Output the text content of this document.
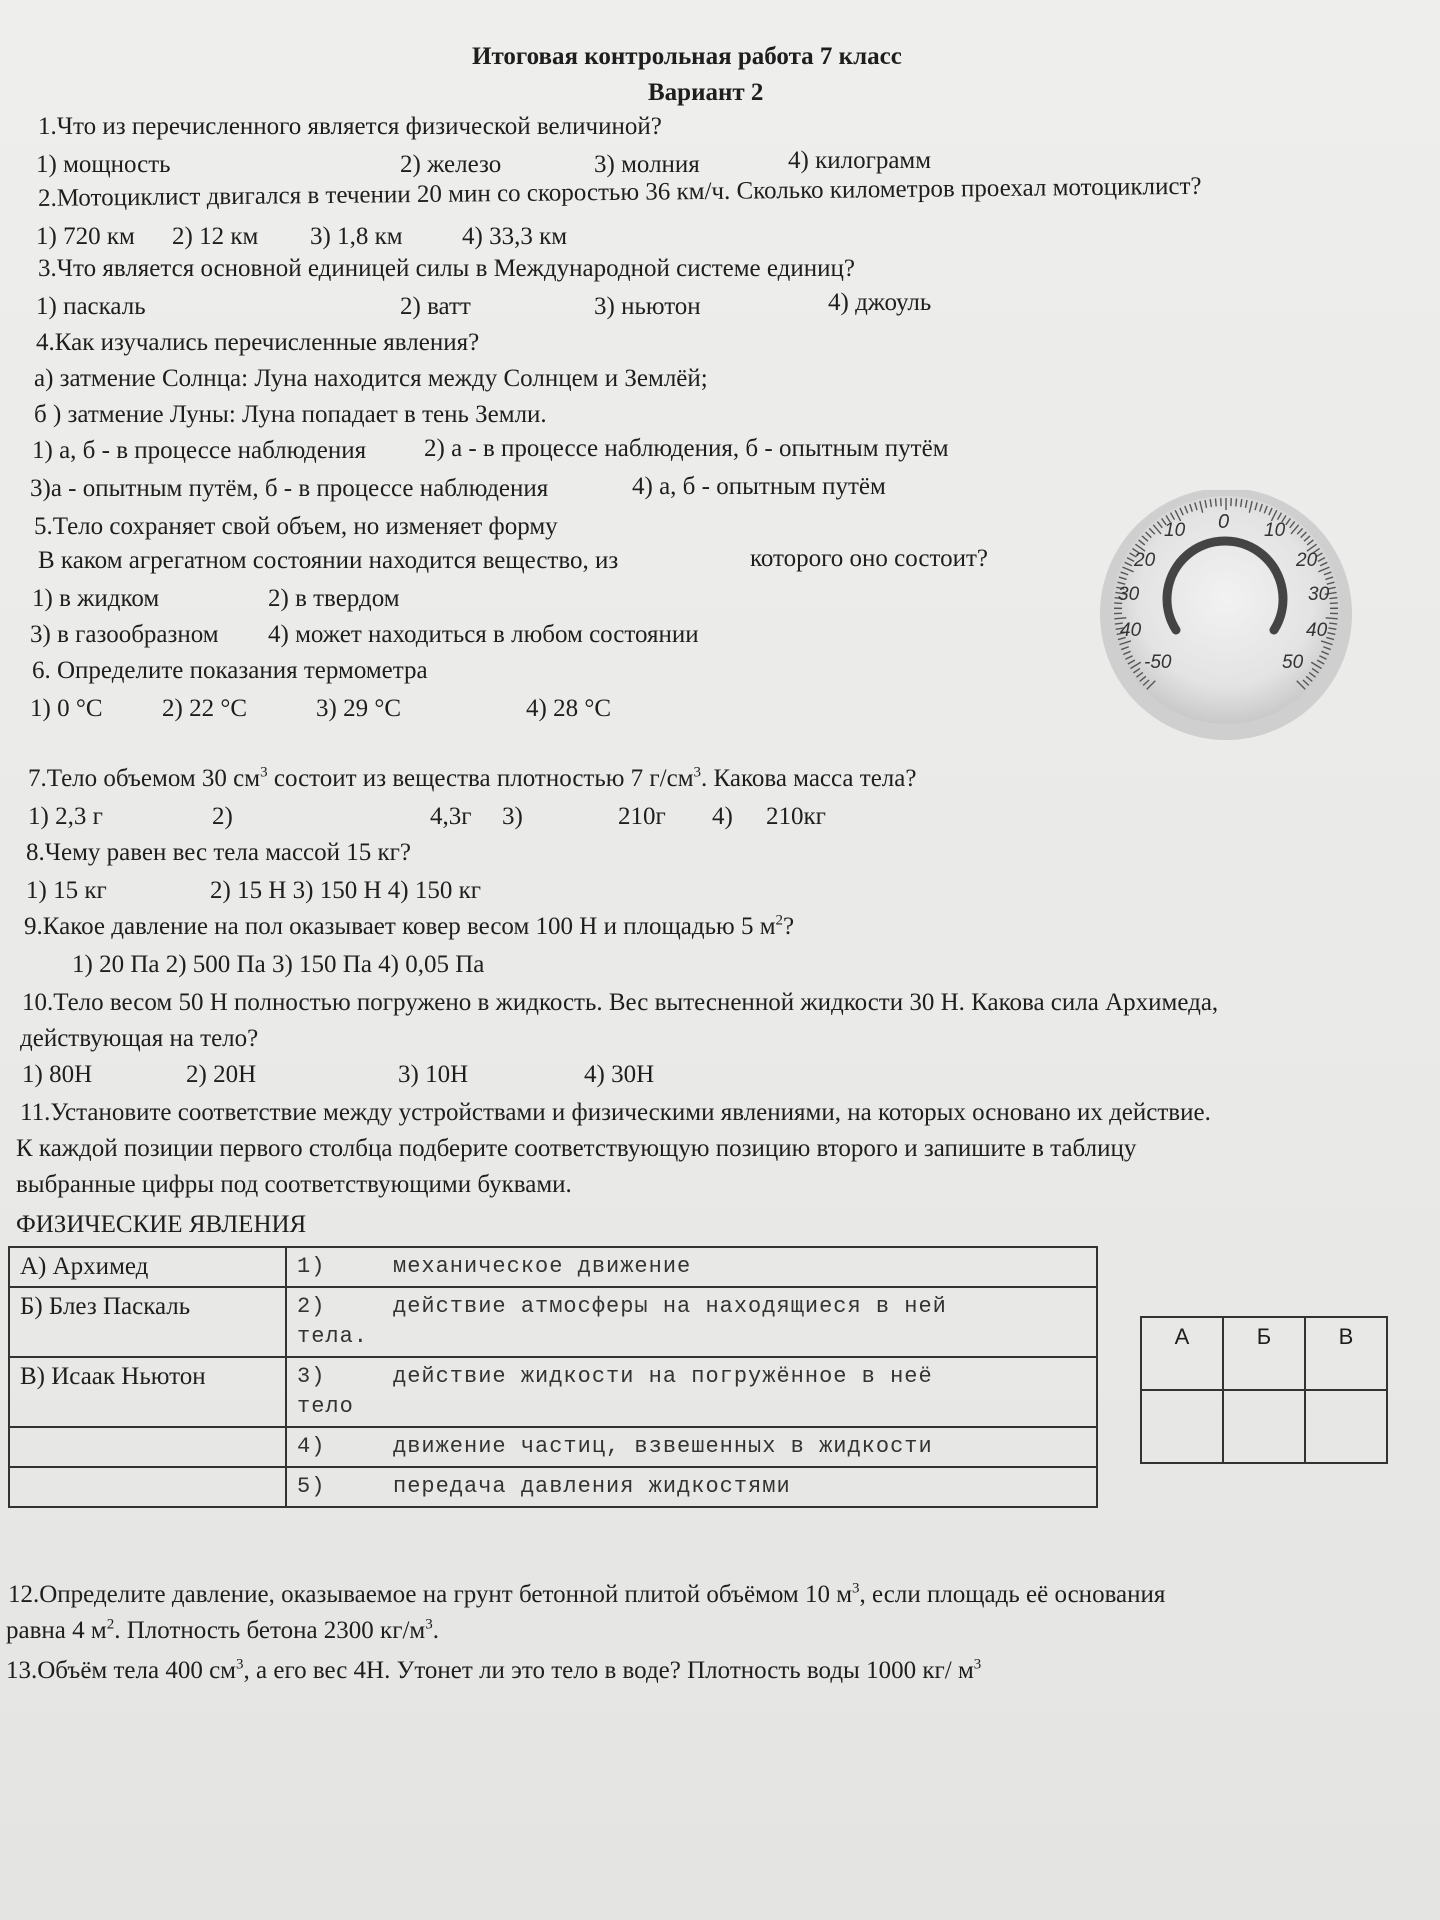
Итоговая контрольная работа 7 класс
Вариант 2
1.Что из перечисленного является физической величиной?
1) мощность	2) железо	3) молния	4) килограмм
2.Мотоциклист двигался в течении 20 мин со скоростью 36 км/ч. Сколько километров проехал мотоциклист?
1) 720 км 2) 12 км 3) 1,8 км 4) 33,3 км
3.Что является основной единицей силы в Международной системе единиц?
1) паскаль	2) ватт	3) ньютон	4) джоуль
4.Как изучались перечисленные явления?
а) затмение Солнца: Луна находится между Солнцем и Землёй;
б ) затмение Луны: Луна попадает в тень Земли.
1) а, б - в процессе наблюдения 2) а - в процессе наблюдения, б - опытным путём
3)а - опытным путём, б - в процессе наблюдения	4) а, б - опытным путём
5.Тело сохраняет свой объем, но изменяет форму
В каком агрегатном состоянии находится вещество, из	которого оно состоит?
1) в жидком	2) в твердом
3) в газообразном 4) может находиться в любом состоянии
6. Определите показания термометра
1) 0 °С 2) 22 °С	3) 29 °С	4) 28 °С
0
10
20
30
40
-50
10
20
30
40
50
7.Тело объемом 30 $см^3$ состоит из вещества плотностью 7 $г/см^3$. Какова масса тела?
1) 2,3 г	2)	4,3г 3)	210г 4) 210кг
8.Чему равен вес тела массой 15 кг?
1) 15 кг	2) 15 Н 3) 150 Н 4) 150 кг
9.Какое давление на пол оказывает ковер весом 100 Н и площадью 5 $м^2$?
1) 20 Па 2) 500 Па 3) 150 Па 4) 0,05 Па
10.Тело весом 50 Н полностью погружено в жидкость. Вес вытесненной жидкости 30 Н. Какова сила Архимеда,
действующая на тело?
1) 80Н	2) 20Н	3) 10Н	4) 30Н
11.Установите соответствие между устройствами и физическими явлениями, на которых основано их действие.
К каждой позиции первого столбца подберите соответствующую позицию второго и запишите в таблицу
выбранные цифры под соответствующими буквами.
ФИЗИЧЕСКИЕ ЯВЛЕНИЯ
А) Архимед	1) механическое движение
Б) Блез Паскаль	2) действие атмосферы на находящиеся в ней
тела.
В) Исаак Ньютон	3) действие жидкости на погружённое в неё
тело
	4) движение частиц, взвешенных в жидкости
	5) передача давления жидкостями
А	Б	В

12.Определите давление, оказываемое на грунт бетонной плитой объёмом 10 $м^3$, если площадь её основания
равна 4 $м^2$. Плотность бетона 2300 $кг/м^3$.
13.Объём тела 400 $см^3$, а его вес 4Н. Утонет ли это тело в воде? Плотность воды 1000 кг/ $м^3$
